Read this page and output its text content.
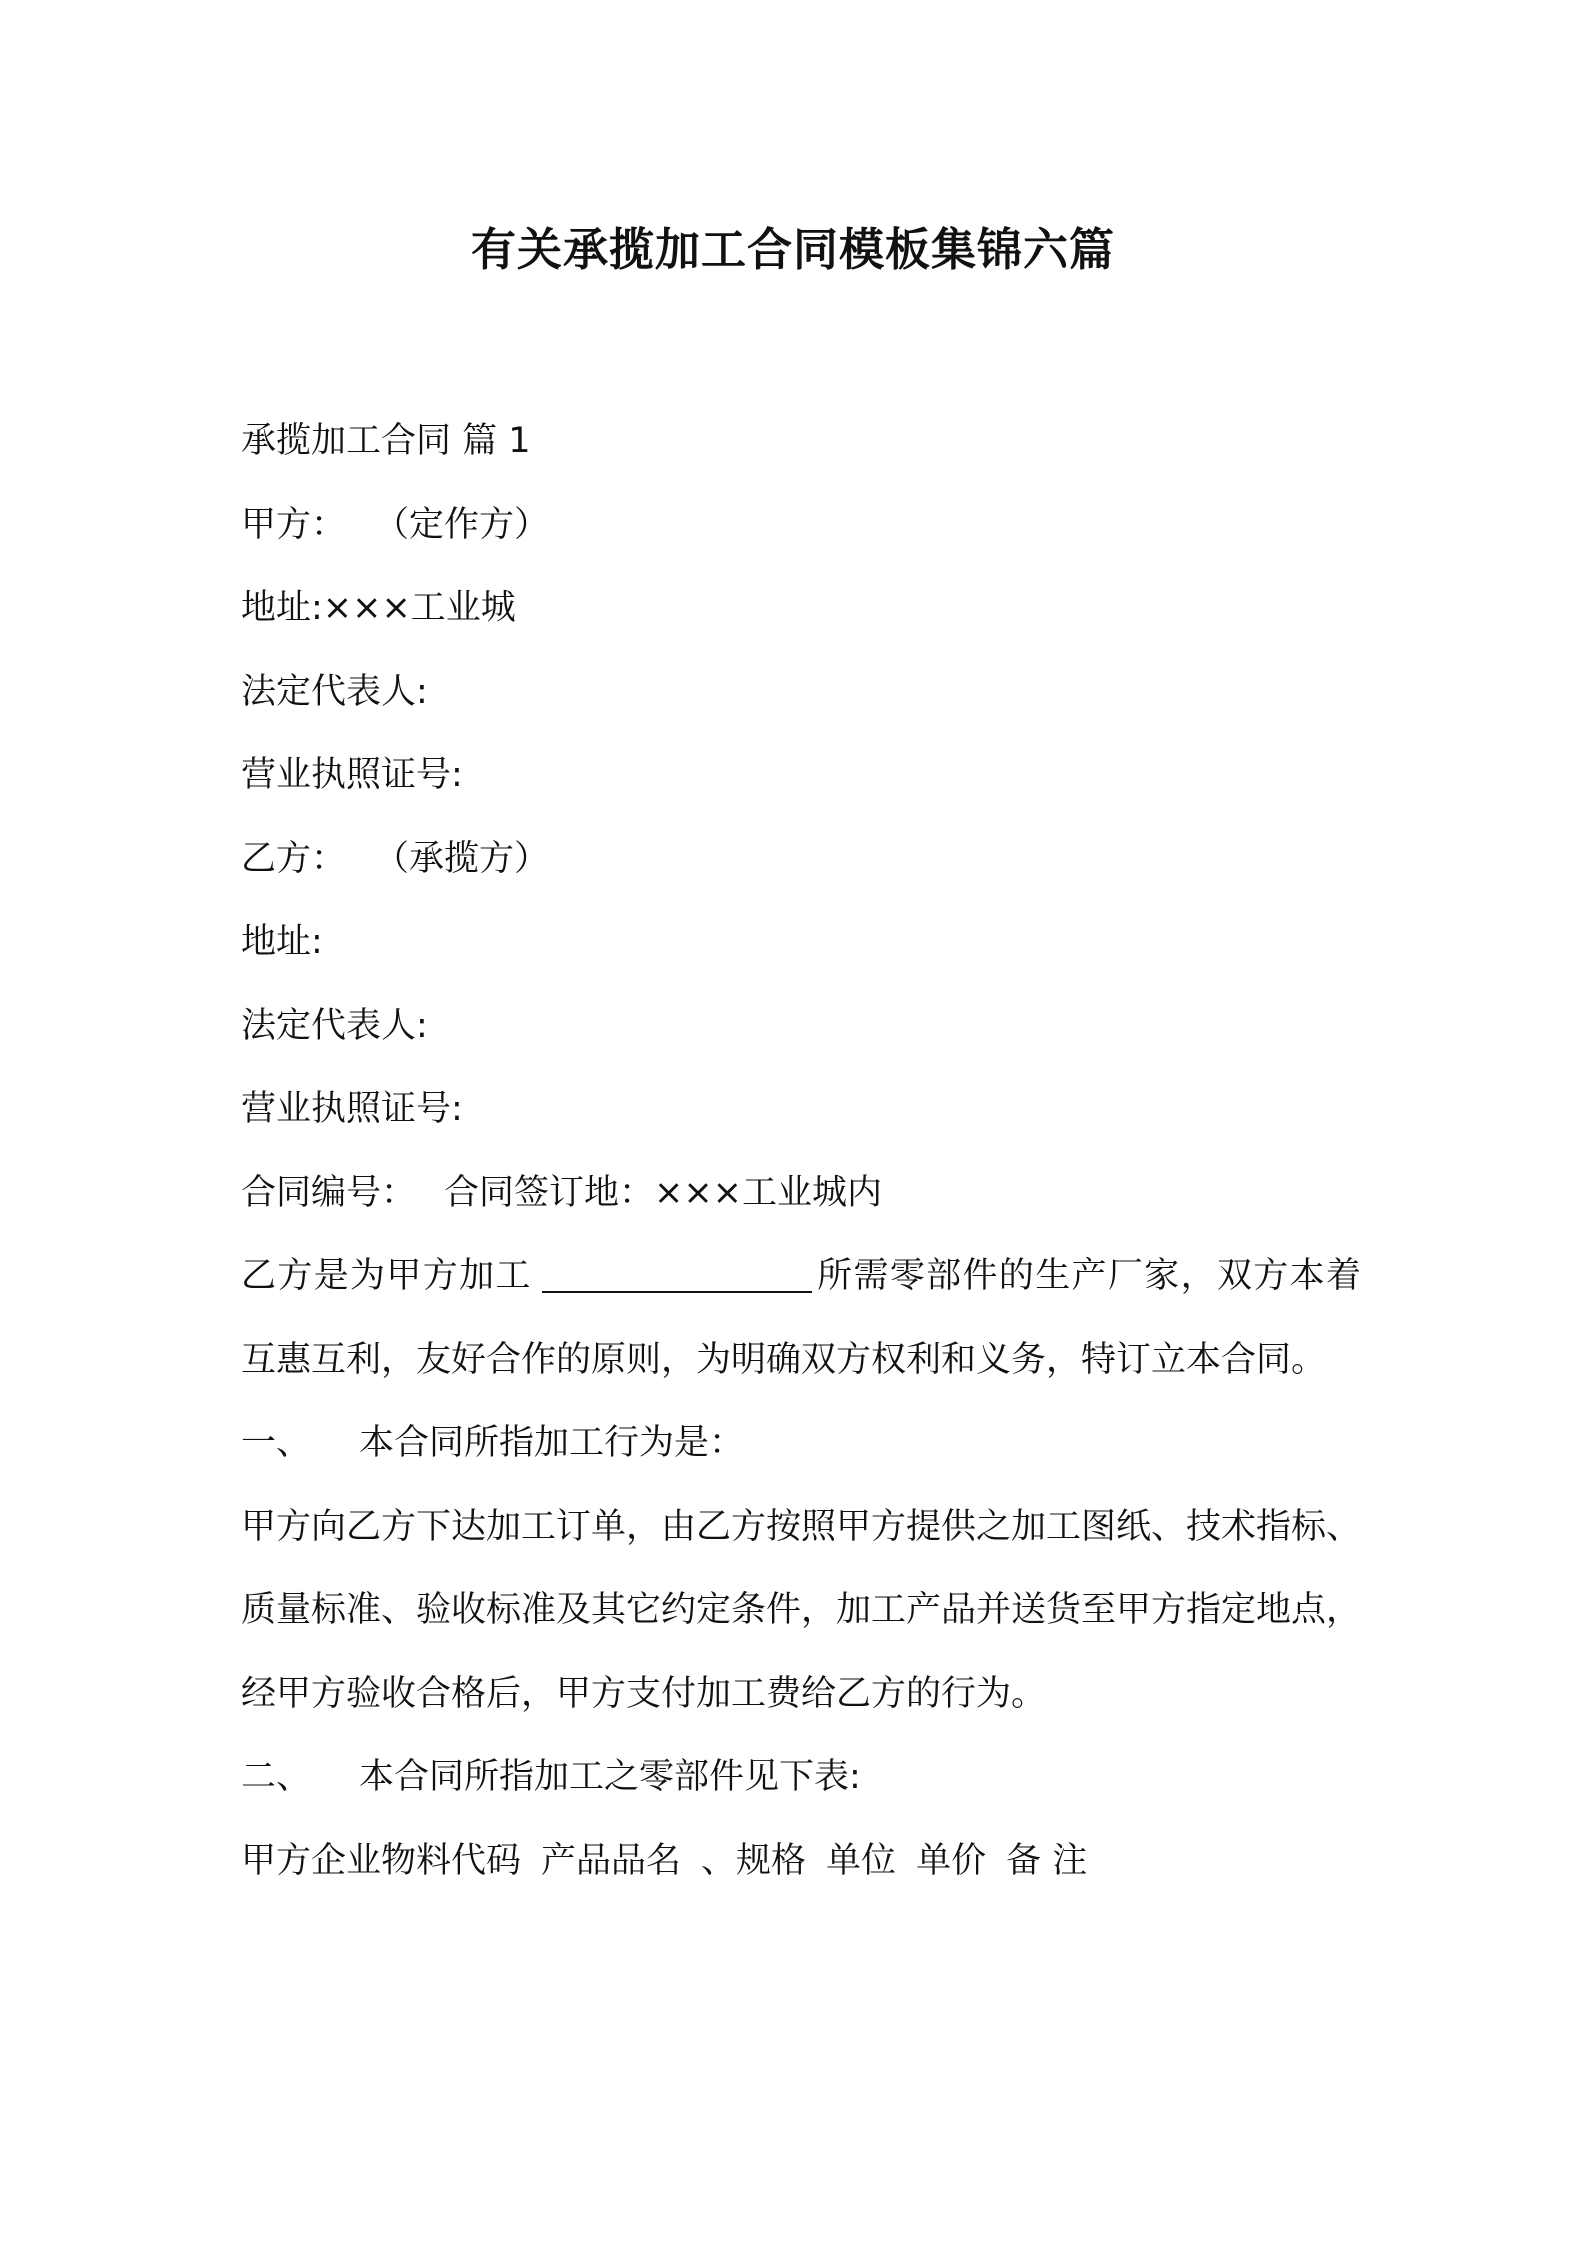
有关承揽加工合同模板集锦六篇
承揽加工合同 篇 1
甲方： （定作方）
地址:×××工业城
法定代表人:
营业执照证号:
乙方： （承揽方）
地址:
法定代表人:
营业执照证号:
合同编号： 合同签订地：×××工业城内
乙方是为甲方加工	所需零部件的生产厂家，双方本着互惠互利，友好合作的原则，为明确双方权利和义务，特订立本合同。
一、 本合同所指加工行为是：
甲方向乙方下达加工订单，由乙方按照甲方提供之加工图纸、技术指标、质量标准、验收标准及其它约定条件，加工产品并送货至甲方指定地点，经甲方验收合格后，甲方支付加工费给乙方的行为。
二、 本合同所指加工之零部件见下表:
甲方企业物料代码 产品品名 、规格 单位 单价 备 注
